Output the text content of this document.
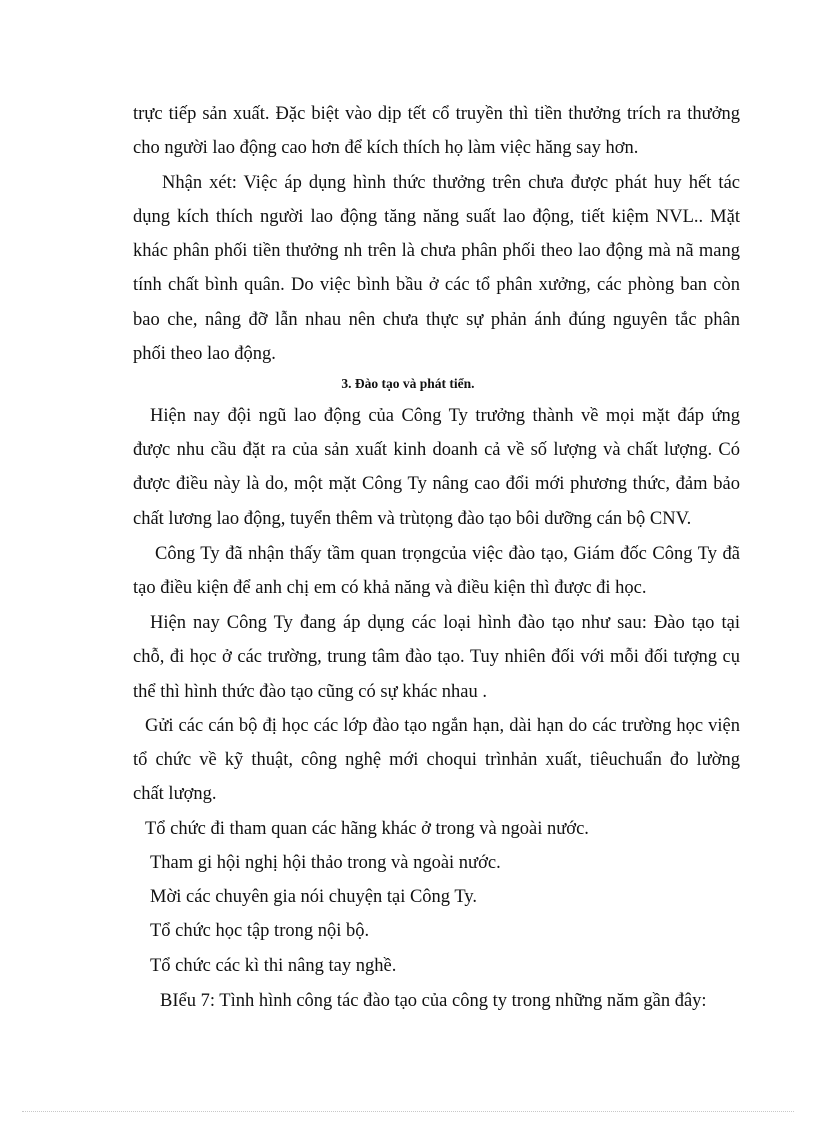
trực tiếp sản xuất. Đặc biệt vào dịp tết cổ truyền thì tiền thưởng trích ra thưởng

cho người lao động cao hơn để kích thích họ làm việc hăng say hơn.

Nhận xét: Việc áp dụng hình thức thưởng trên chưa được phát huy hết tác

dụng kích thích người lao động tăng năng suất lao động, tiết kiệm NVL.. Mặt

khác phân phối tiền thưởng nh trên là chưa phân phối theo lao động mà nã mang

tính chất bình quân. Do việc bình bầu ở các tổ phân xưởng, các phòng ban còn

bao che, nâng đỡ lẫn nhau nên chưa thực sự phản ánh đúng nguyên tắc phân

phối theo lao động.

3. Đào tạo và phát tiển.

Hiện nay đội ngũ lao động của Công Ty trưởng thành về mọi mặt đáp ứng

được nhu cầu đặt ra của sản xuất kinh doanh cả về số lượng và chất lượng. Có

được điều này là do, một mặt Công Ty nâng cao đổi mới phương thức, đảm bảo

chất lương lao động, tuyển thêm và trùtọng đào tạo bôi dưỡng cán bộ CNV.

Công Ty đã nhận thấy tầm quan trọngcủa việc đào tạo, Giám đốc Công Ty đã

tạo điều kiện để anh chị em có khả năng và điều kiện thì được đi học.

Hiện nay Công Ty đang áp dụng các loại hình đào tạo như sau: Đào tạo tại

chỗ, đi học ở các trường, trung tâm đào tạo. Tuy nhiên đối với mỗi đối tượng cụ

thể thì hình thức đào tạo cũng có sự khác nhau .

Gửi các cán bộ đị học các lớp đào tạo ngắn hạn, dài hạn do các trường học viện

tổ chức về kỹ thuật, công nghệ mới choqui trìnhản xuất, tiêuchuẩn đo lường

chất lượng.

Tổ chức đi tham quan các hãng khác ở trong và ngoài nước.

Tham gi hội nghị hội thảo trong và ngoài nước.

Mời các chuyên gia nói chuyện tại Công Ty.

Tổ chức học tập trong nội bộ.

Tổ chức các kì thi nâng tay nghề.

BIểu 7: Tình hình công tác đào tạo của công ty trong những năm gần đây:
